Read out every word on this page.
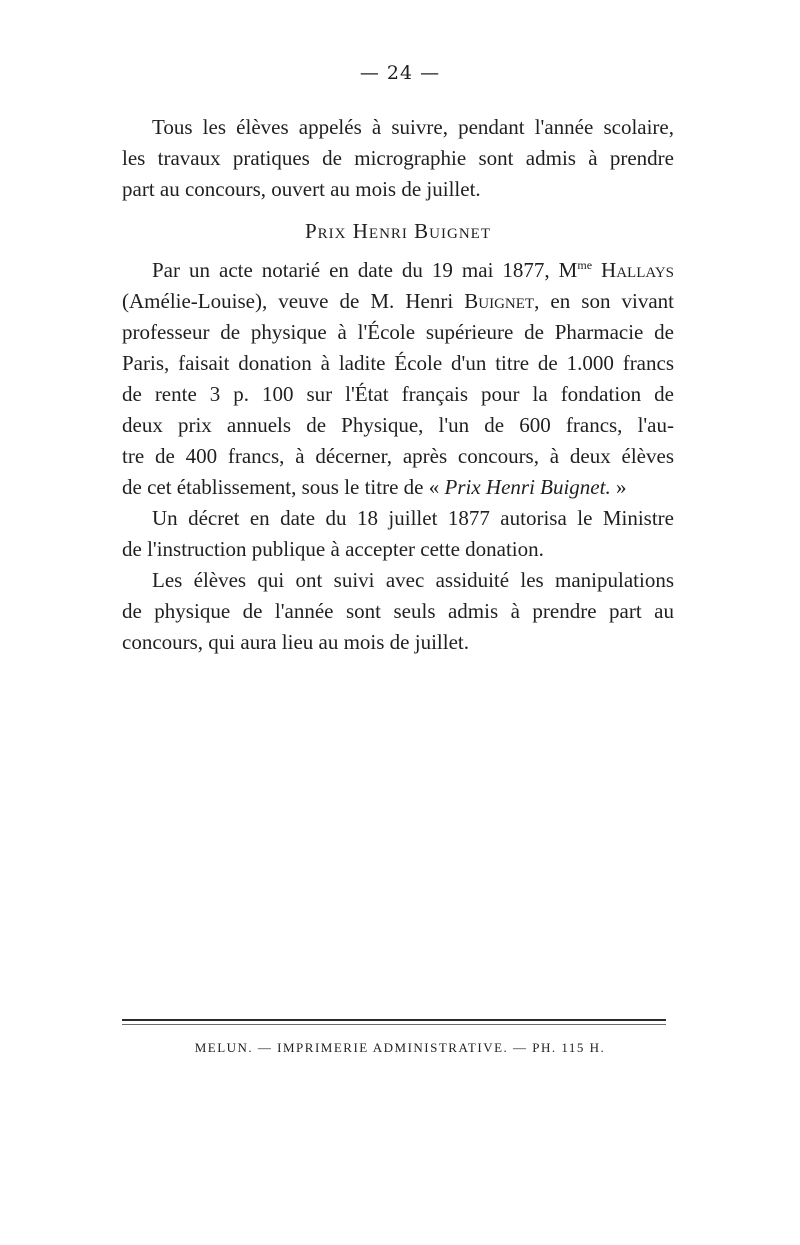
— 24 —
Tous les élèves appelés à suivre, pendant l'année scolaire,
les travaux pratiques de micrographie sont admis à prendre
part au concours, ouvert au mois de juillet.
Prix Henri Buignet
Par un acte notarié en date du 19 mai 1877, $M^{me}$ Hallays
(Amélie-Louise), veuve de M. Henri Buignet, en son vivant
professeur de physique à l'École supérieure de Pharmacie de
Paris, faisait donation à ladite École d'un titre de 1.000 francs
de rente 3 p. 100 sur l'État français pour la fondation de
deux prix annuels de Physique, l'un de 600 francs, l'au-
tre de 400 francs, à décerner, après concours, à deux élèves
de cet établissement, sous le titre de « Prix Henri Buignet. »
Un décret en date du 18 juillet 1877 autorisa le Ministre
de l'instruction publique à accepter cette donation.
Les élèves qui ont suivi avec assiduité les manipulations
de physique de l'année sont seuls admis à prendre part au
concours, qui aura lieu au mois de juillet.
MELUN. — IMPRIMERIE ADMINISTRATIVE. — PH. 115 H.
